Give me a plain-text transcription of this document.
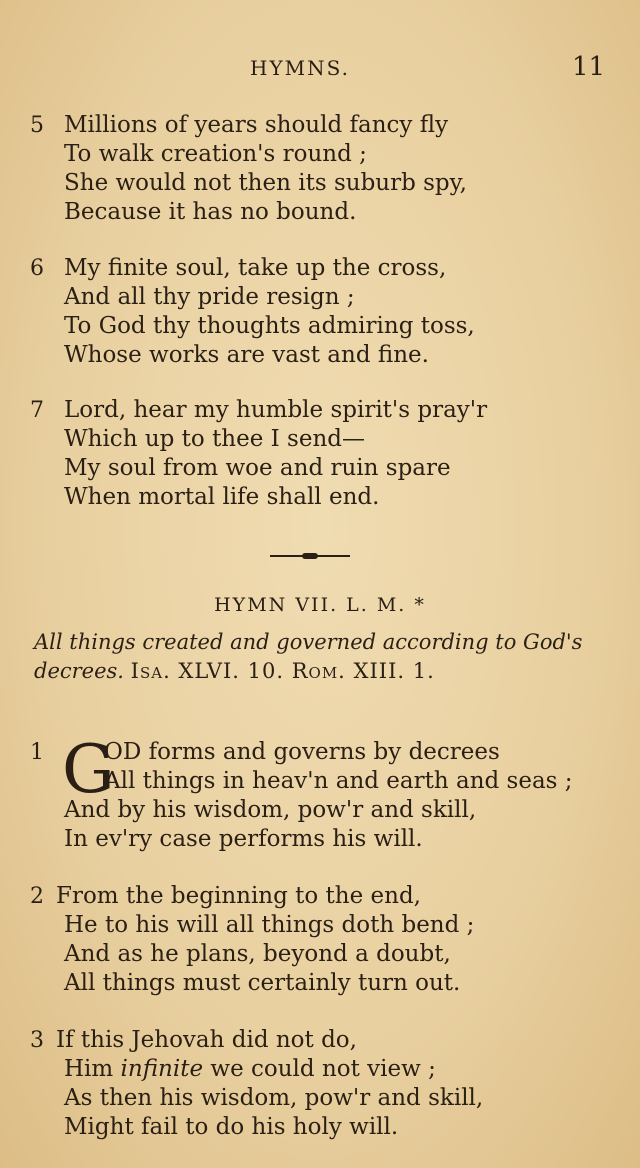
HYMNS.	11
5 Millions of years should fancy fly
To walk creation's round ;
She would not then its suburb spy,
Because it has no bound.
6 My finite soul, take up the cross,
And all thy pride resign ;
To God thy thoughts admiring toss,
Whose works are vast and fine.
7 Lord, hear my humble spirit's pray'r
Which up to thee I send—
My soul from woe and ruin spare
When mortal life shall end.
HYMN VII. L. M. *
All things created and governed according to God's decrees. Isa. XLVI. 10. Rom. XIII. 1.
1 G
OD forms and governs by decrees
All things in heav'n and earth and seas ;
And by his wisdom, pow'r and skill,
In ev'ry case performs his will.
2 From the beginning to the end,
He to his will all things doth bend ;
And as he plans, beyond a doubt,
All things must certainly turn out.
3 If this Jehovah did not do,
Him infinite we could not view ;
As then his wisdom, pow'r and skill,
Might fail to do his holy will.
